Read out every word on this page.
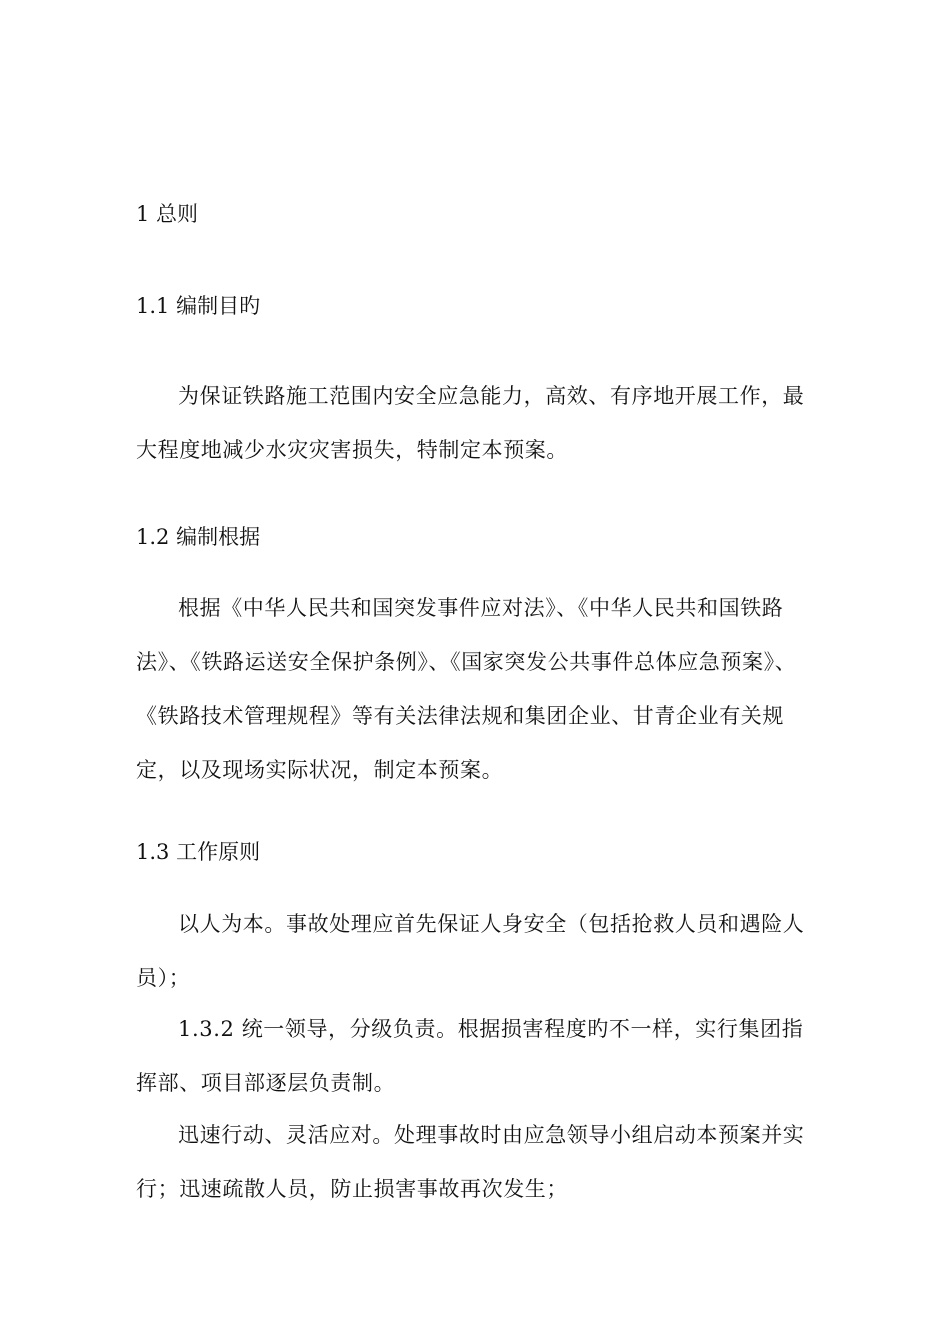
1 总则
1.1 编制目旳

为保证铁路施工范围内安全应急能力，高效、有序地开展工作，最大程度地减少水灾灾害损失，特制定本预案。

1.2 编制根据

根据《中华人民共和国突发事件应对法》、《中华人民共和国铁路法》、《铁路运送安全保护条例》、《国家突发公共事件总体应急预案》、《铁路技术管理规程》等有关法律法规和集团企业、甘青企业有关规定，以及现场实际状况，制定本预案。

1.3 工作原则

以人为本。事故处理应首先保证人身安全（包括抢救人员和遇险人员）；

1.3.2 统一领导，分级负责。根据损害程度旳不一样，实行集团指挥部、项目部逐层负责制。

迅速行动、灵活应对。处理事故时由应急领导小组启动本预案并实行；迅速疏散人员，防止损害事故再次发生；
